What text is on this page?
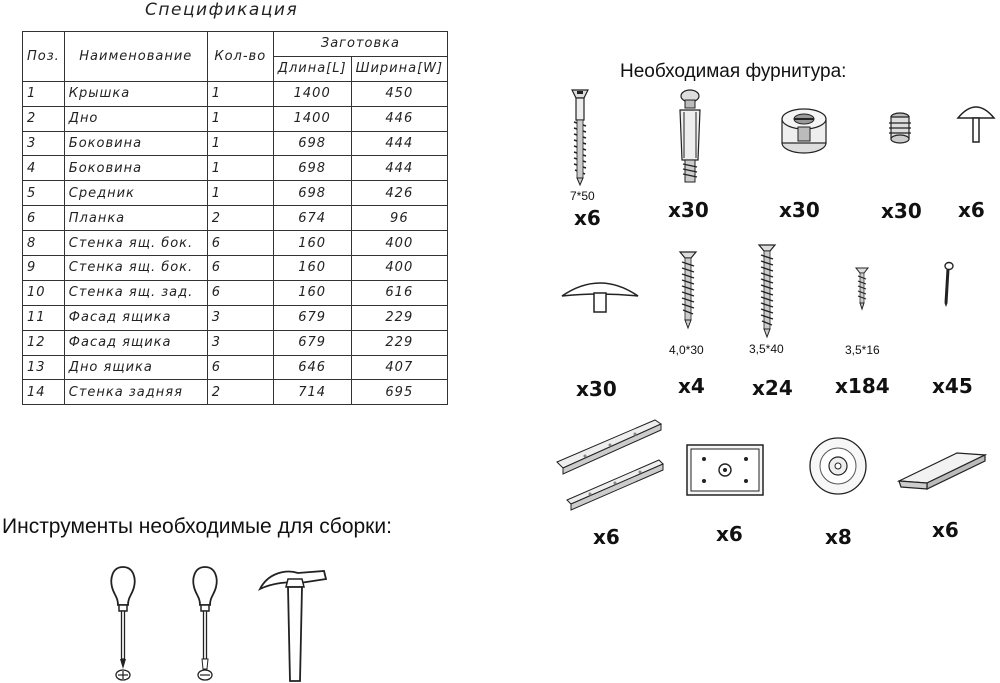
Спецификация
Поз.	Наименование	Кол-во	Заготовка	
			Длина[L]	Ширина[W]
1	Крышка	1	1400	450
2	Дно	1	1400	446
3	Боковина	1	698	444
4	Боковина	1	698	444
5	Средник	1	698	426
6	Планка	2	674	96
8	Стенка ящ. бок.	6	160	400
9	Стенка ящ. бок.	6	160	400
10	Стенка ящ. зад.	6	160	616
11	Фасад ящика	3	679	229
12	Фасад ящика	3	679	229
13	Дно ящика	6	646	407
14	Стенка задняя	2	714	695
Необходимая фурнитура:
7*50
x6	x30	x30	x30 x6
x30
4,0*30
x4
3,5*40
x24
3,5*16
x184 x45
x6	x6	x8	x6
Инструменты необходимые для сборки:
